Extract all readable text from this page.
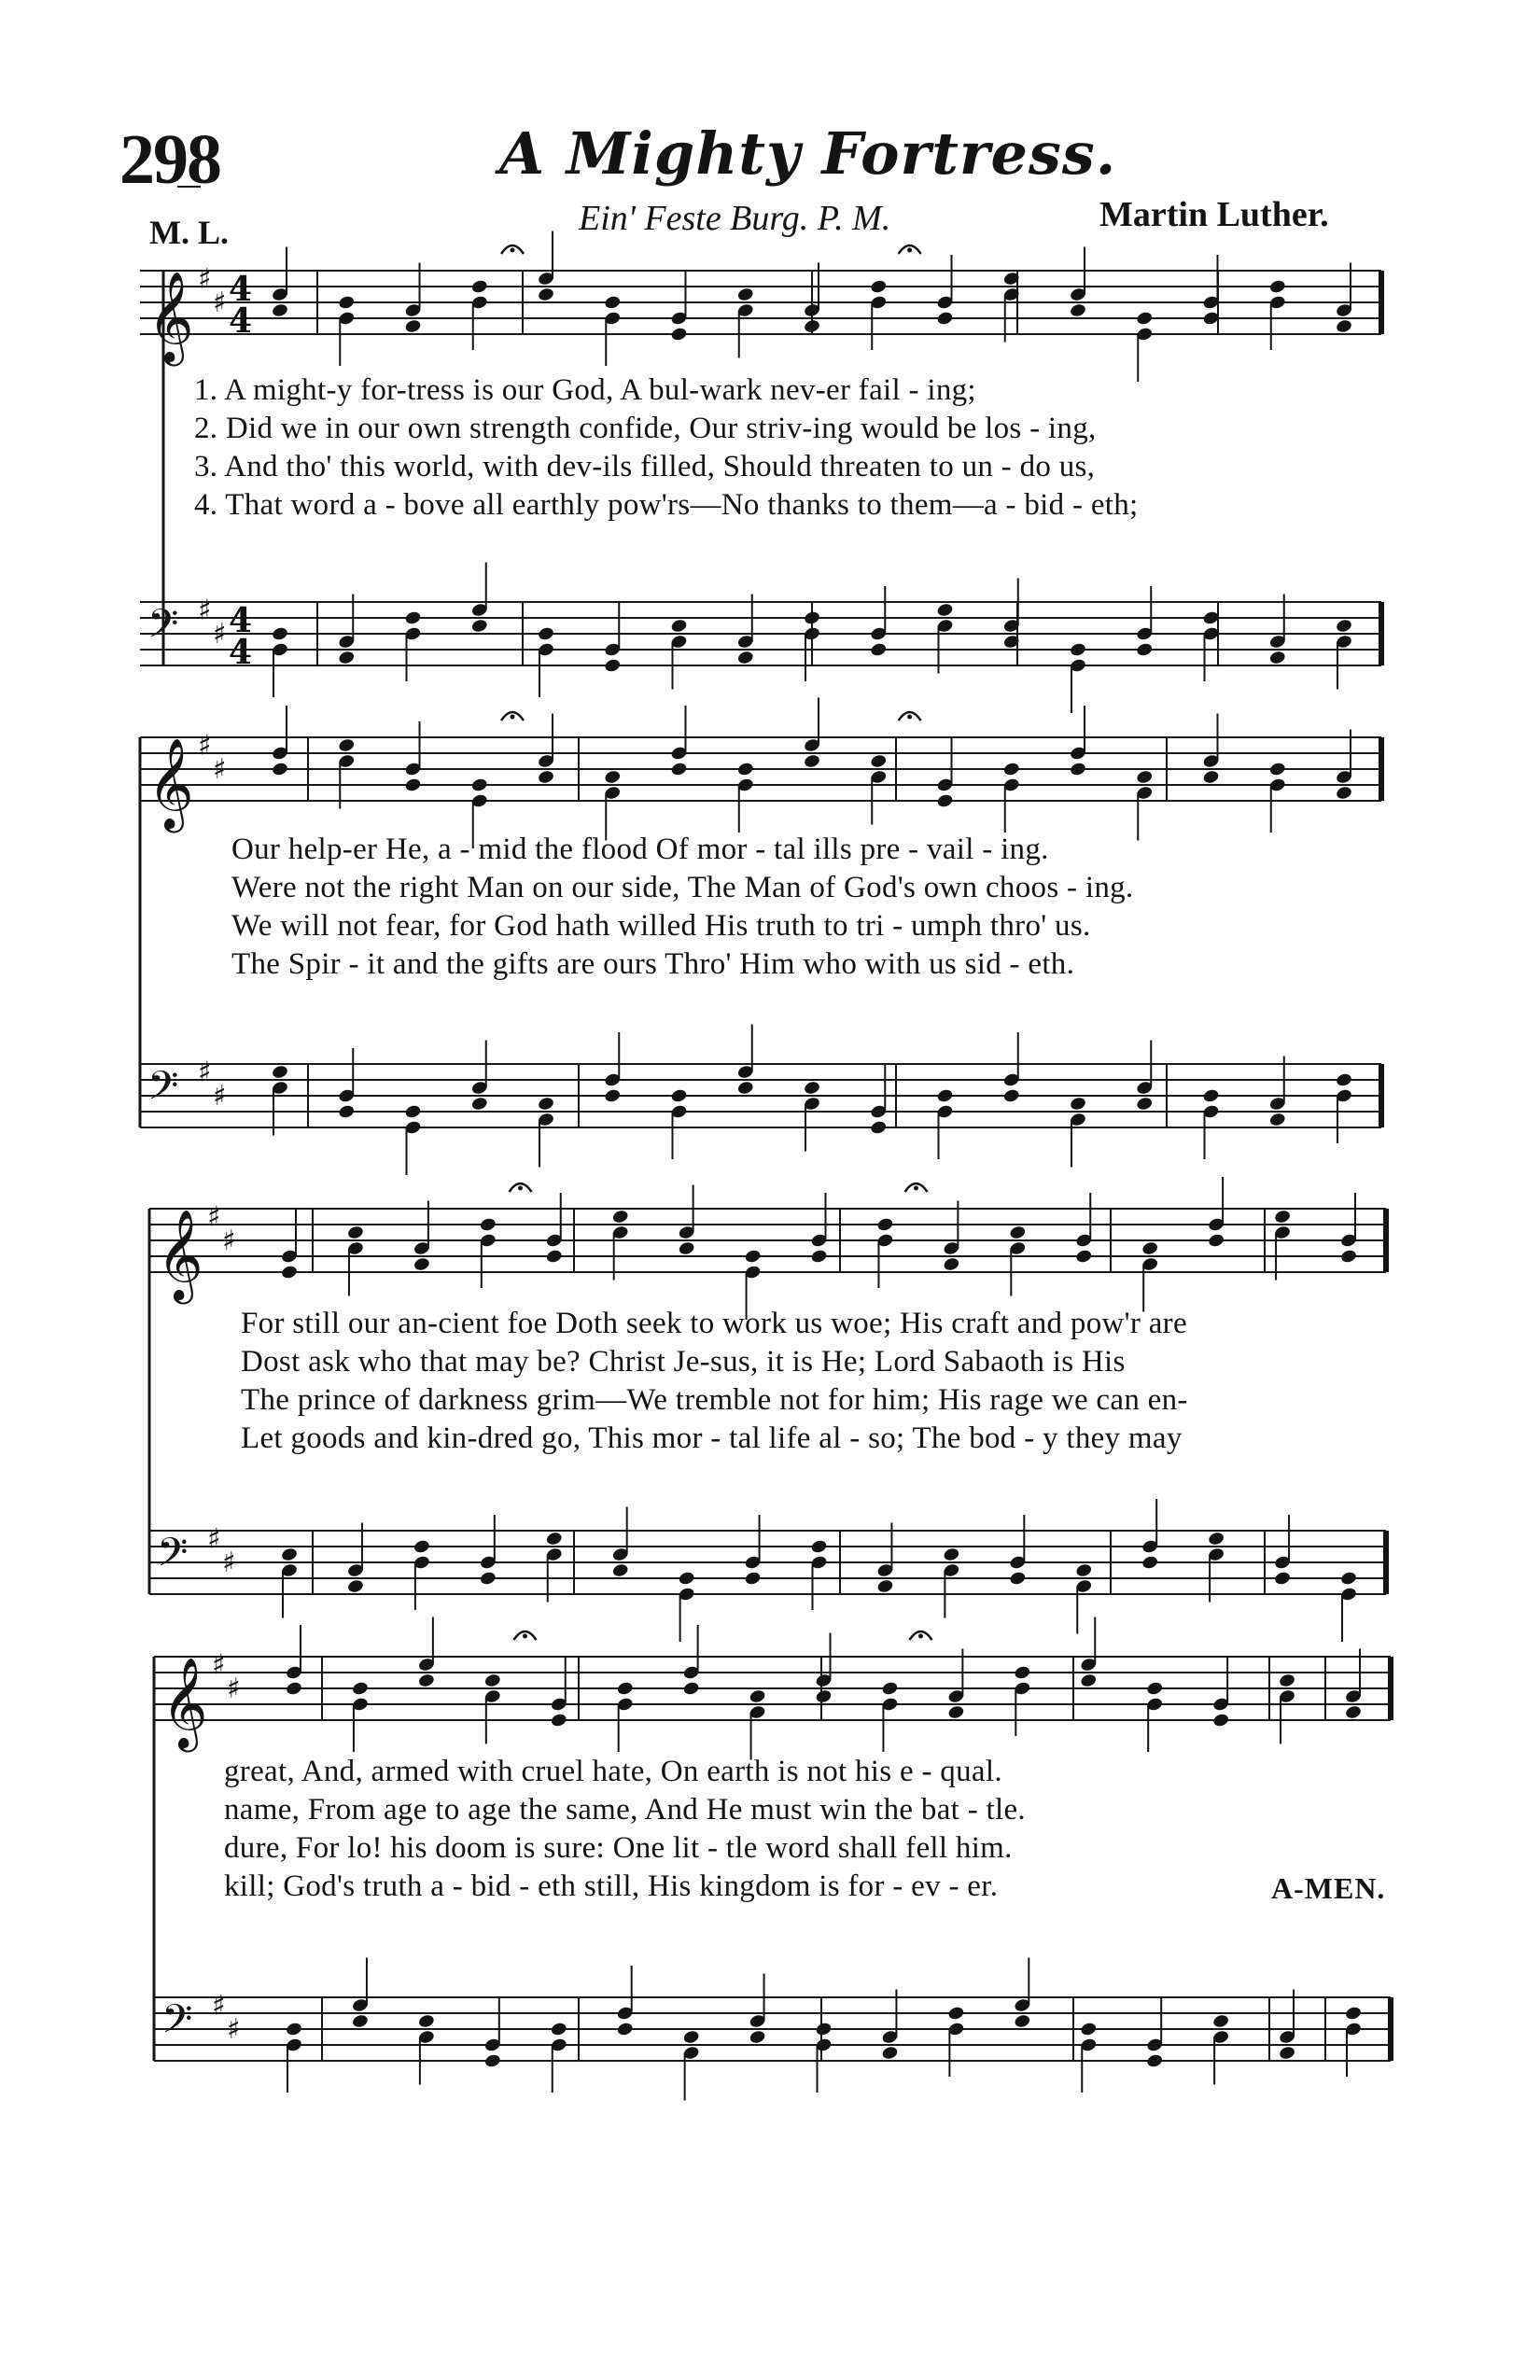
298	A Mighty Fortress.
M. L.	Ein' Feste Burg. P. M.	Martin Luther.
𝄞 ♯
♯
𝄢 ♯
♯
4
4
4
4
𝄞 ♯
♯
𝄢 ♯
♯
𝄞 ♯
♯
𝄢 ♯
♯
𝄞 ♯
♯
𝄢 ♯
♯
1. A might-y for-tress is our God, A bul-wark nev-er fail - ing;
2. Did we in our own strength confide, Our striv-ing would be los - ing,
3. And tho' this world, with dev-ils filled, Should threaten to un - do us,
4. That word a - bove all earthly pow'rs—No thanks to them—a - bid - eth;
Our help-er He, a - mid the flood Of mor - tal ills pre - vail - ing.
Were not the right Man on our side, The Man of God's own choos - ing.
We will not fear, for God hath willed His truth to tri - umph thro' us.
The Spir - it and the gifts are ours Thro' Him who with us sid - eth.
For still our an-cient foe Doth seek to work us woe; His craft and pow'r are
Dost ask who that may be? Christ Je-sus, it is He; Lord Sabaoth is His
The prince of darkness grim—We tremble not for him; His rage we can en-
Let goods and kin-dred go, This mor - tal life al - so; The bod - y they may
great, And, armed with cruel hate, On earth is not his e - qual.
name, From age to age the same, And He must win the bat - tle.
dure, For lo! his doom is sure: One lit - tle word shall fell him.
kill; God's truth a - bid - eth still, His kingdom is for - ev - er.	A-MEN.
